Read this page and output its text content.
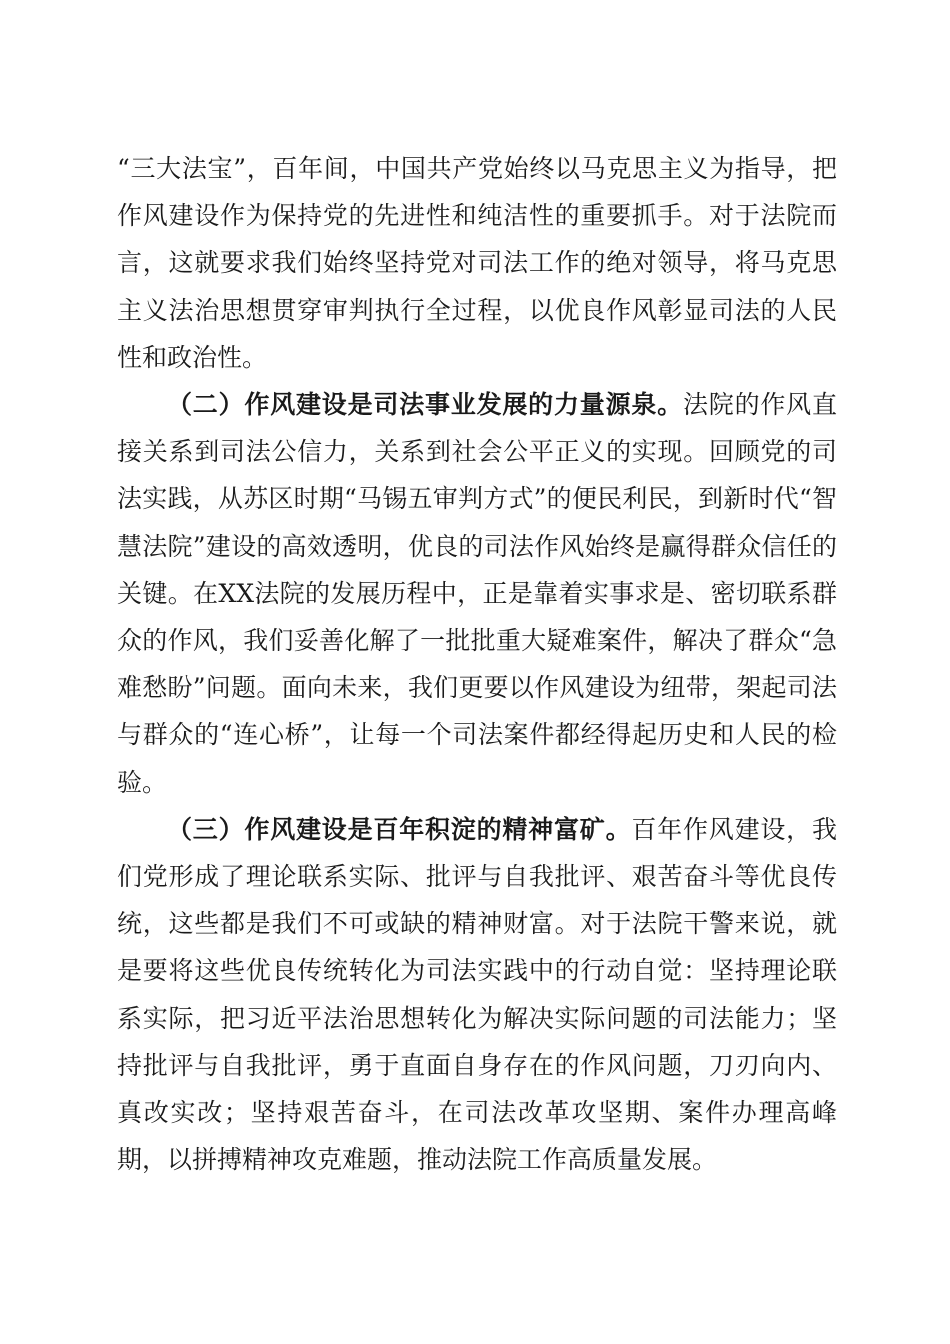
“三大法宝”，百年间，中国共产党始终以马克思主义为指导，把作风建设作为保持党的先进性和纯洁性的重要抓手。对于法院而言，这就要求我们始终坚持党对司法工作的绝对领导，将马克思主义法治思想贯穿审判执行全过程，以优良作风彰显司法的人民性和政治性。

（二）作风建设是司法事业发展的力量源泉。法院的作风直接关系到司法公信力，关系到社会公平正义的实现。回顾党的司法实践，从苏区时期“马锡五审判方式”的便民利民，到新时代“智慧法院”建设的高效透明，优良的司法作风始终是赢得群众信任的关键。在XX法院的发展历程中，正是靠着实事求是、密切联系群众的作风，我们妥善化解了一批批重大疑难案件，解决了群众“急难愁盼”问题。面向未来，我们更要以作风建设为纽带，架起司法与群众的“连心桥”，让每一个司法案件都经得起历史和人民的检验。

（三）作风建设是百年积淀的精神富矿。百年作风建设，我们党形成了理论联系实际、批评与自我批评、艰苦奋斗等优良传统，这些都是我们不可或缺的精神财富。对于法院干警来说，就是要将这些优良传统转化为司法实践中的行动自觉：坚持理论联系实际，把习近平法治思想转化为解决实际问题的司法能力；坚持批评与自我批评，勇于直面自身存在的作风问题，刀刃向内、真改实改；坚持艰苦奋斗，在司法改革攻坚期、案件办理高峰期，以拼搏精神攻克难题，推动法院工作高质量发展。
